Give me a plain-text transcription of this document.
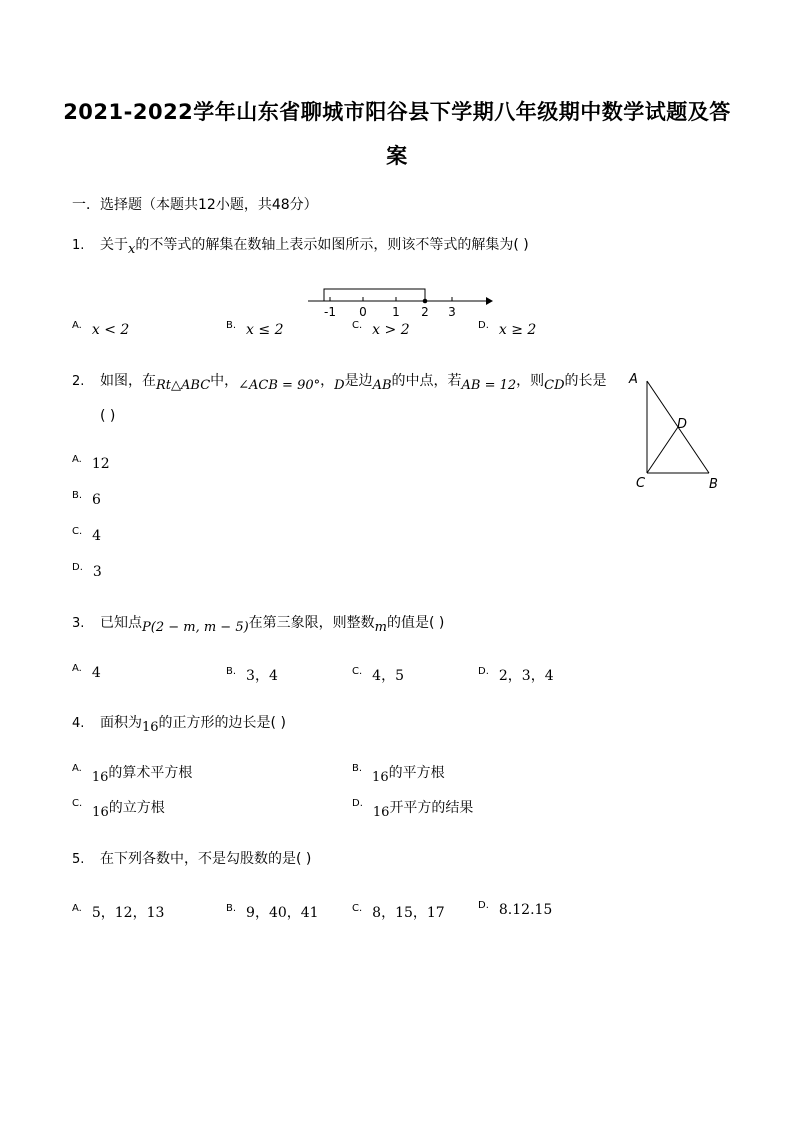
2021-2022学年山东省聊城市阳谷县下学期八年级期中数学试题及答
案
一．选择题（本题共12小题，共48分）
1. 关于x的不等式的解集在数轴上表示如图所示，则该不等式的解集为( )
-1 0 1 2 3
$^{A.}$ x < 2	$^{B.}$ x ≤ 2	$^{C.}$ x > 2	$^{D.}$ x ≥ 2
2. 如图，在Rt△ABC中，∠ACB = 90°，D是边AB的中点，若AB = 12，则CD的长是
( )
A
D
C	B
$^{A.}$ 12
$^{B.}$ 6
$^{C.}$ 4
$^{D.}$ 3
3. 已知点P(2 − m, m − 5)在第三象限，则整数m的值是( )
$^{A.}$ 4	$^{B.}$ 3，4	$^{C.}$ 4，5	$^{D.}$ 2，3，4
4. 面积为16的正方形的边长是( )
$^{A.}$16的算术平方根	$^{B.}$16的平方根
$^{C.}$16的立方根	$^{D.}$16开平方的结果
5. 在下列各数中，不是勾股数的是( )
$^{A.}$ 5，12，13	$^{B.}$ 9，40，41	$^{C.}$ 8，15，17	$^{D.}$ 8.12.15
